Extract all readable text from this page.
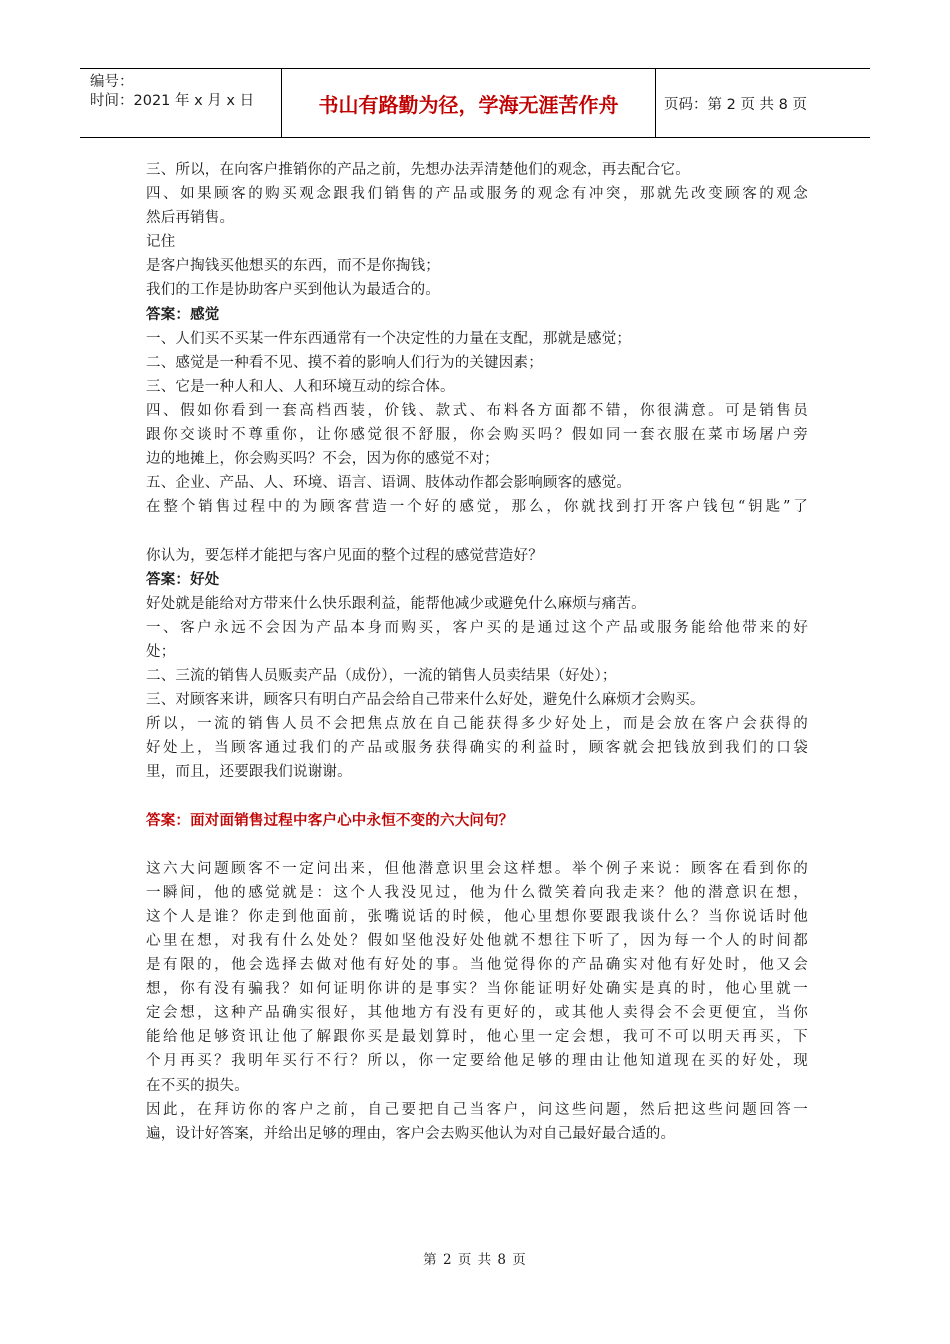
编号：
时间：2021 年 x 月 x 日	书山有路勤为径，学海无涯苦作舟	页码：第 2 页 共 8 页
三、所以，在向客户推销你的产品之前，先想办法弄清楚他们的观念，再去配合它。
四、如果顾客的购买观念跟我们销售的产品或服务的观念有冲突，那就先改变顾客的观念
然后再销售。
记住
是客户掏钱买他想买的东西，而不是你掏钱；
我们的工作是协助客户买到他认为最适合的。
答案：感觉
一、人们买不买某一件东西通常有一个决定性的力量在支配，那就是感觉；
二、感觉是一种看不见、摸不着的影响人们行为的关键因素；
三、它是一种人和人、人和环境互动的综合体。
四、假如你看到一套高档西装，价钱、款式、布料各方面都不错，你很满意。可是销售员
跟你交谈时不尊重你，让你感觉很不舒服，你会购买吗？假如同一套衣服在菜市场屠户旁
边的地摊上，你会购买吗？不会，因为你的感觉不对；
五、企业、产品、人、环境、语言、语调、肢体动作都会影响顾客的感觉。
在整个销售过程中的为顾客营造一个好的感觉，那么，你就找到打开客户钱包“钥匙”了
你认为，要怎样才能把与客户见面的整个过程的感觉营造好？
答案：好处
好处就是能给对方带来什么快乐跟利益，能帮他减少或避免什么麻烦与痛苦。
一、客户永远不会因为产品本身而购买，客户买的是通过这个产品或服务能给他带来的好
处；
二、三流的销售人员贩卖产品（成份），一流的销售人员卖结果（好处）；
三、对顾客来讲，顾客只有明白产品会给自己带来什么好处，避免什么麻烦才会购买。
所以，一流的销售人员不会把焦点放在自己能获得多少好处上，而是会放在客户会获得的
好处上，当顾客通过我们的产品或服务获得确实的利益时，顾客就会把钱放到我们的口袋
里，而且，还要跟我们说谢谢。
答案：面对面销售过程中客户心中永恒不变的六大问句？
这六大问题顾客不一定问出来，但他潜意识里会这样想。举个例子来说：顾客在看到你的
一瞬间，他的感觉就是：这个人我没见过，他为什么微笑着向我走来？他的潜意识在想，
这个人是谁？你走到他面前，张嘴说话的时候，他心里想你要跟我谈什么？当你说话时他
心里在想，对我有什么处处？假如坚他没好处他就不想往下听了，因为每一个人的时间都
是有限的，他会选择去做对他有好处的事。当他觉得你的产品确实对他有好处时，他又会
想，你有没有骗我？如何证明你讲的是事实？当你能证明好处确实是真的时，他心里就一
定会想，这种产品确实很好，其他地方有没有更好的，或其他人卖得会不会更便宜，当你
能给他足够资讯让他了解跟你买是最划算时，他心里一定会想，我可不可以明天再买，下
个月再买？我明年买行不行？所以，你一定要给他足够的理由让他知道现在买的好处，现
在不买的损失。
因此，在拜访你的客户之前，自己要把自己当客户，问这些问题，然后把这些问题回答一
遍，设计好答案，并给出足够的理由，客户会去购买他认为对自己最好最合适的。
第 2 页 共 8 页
